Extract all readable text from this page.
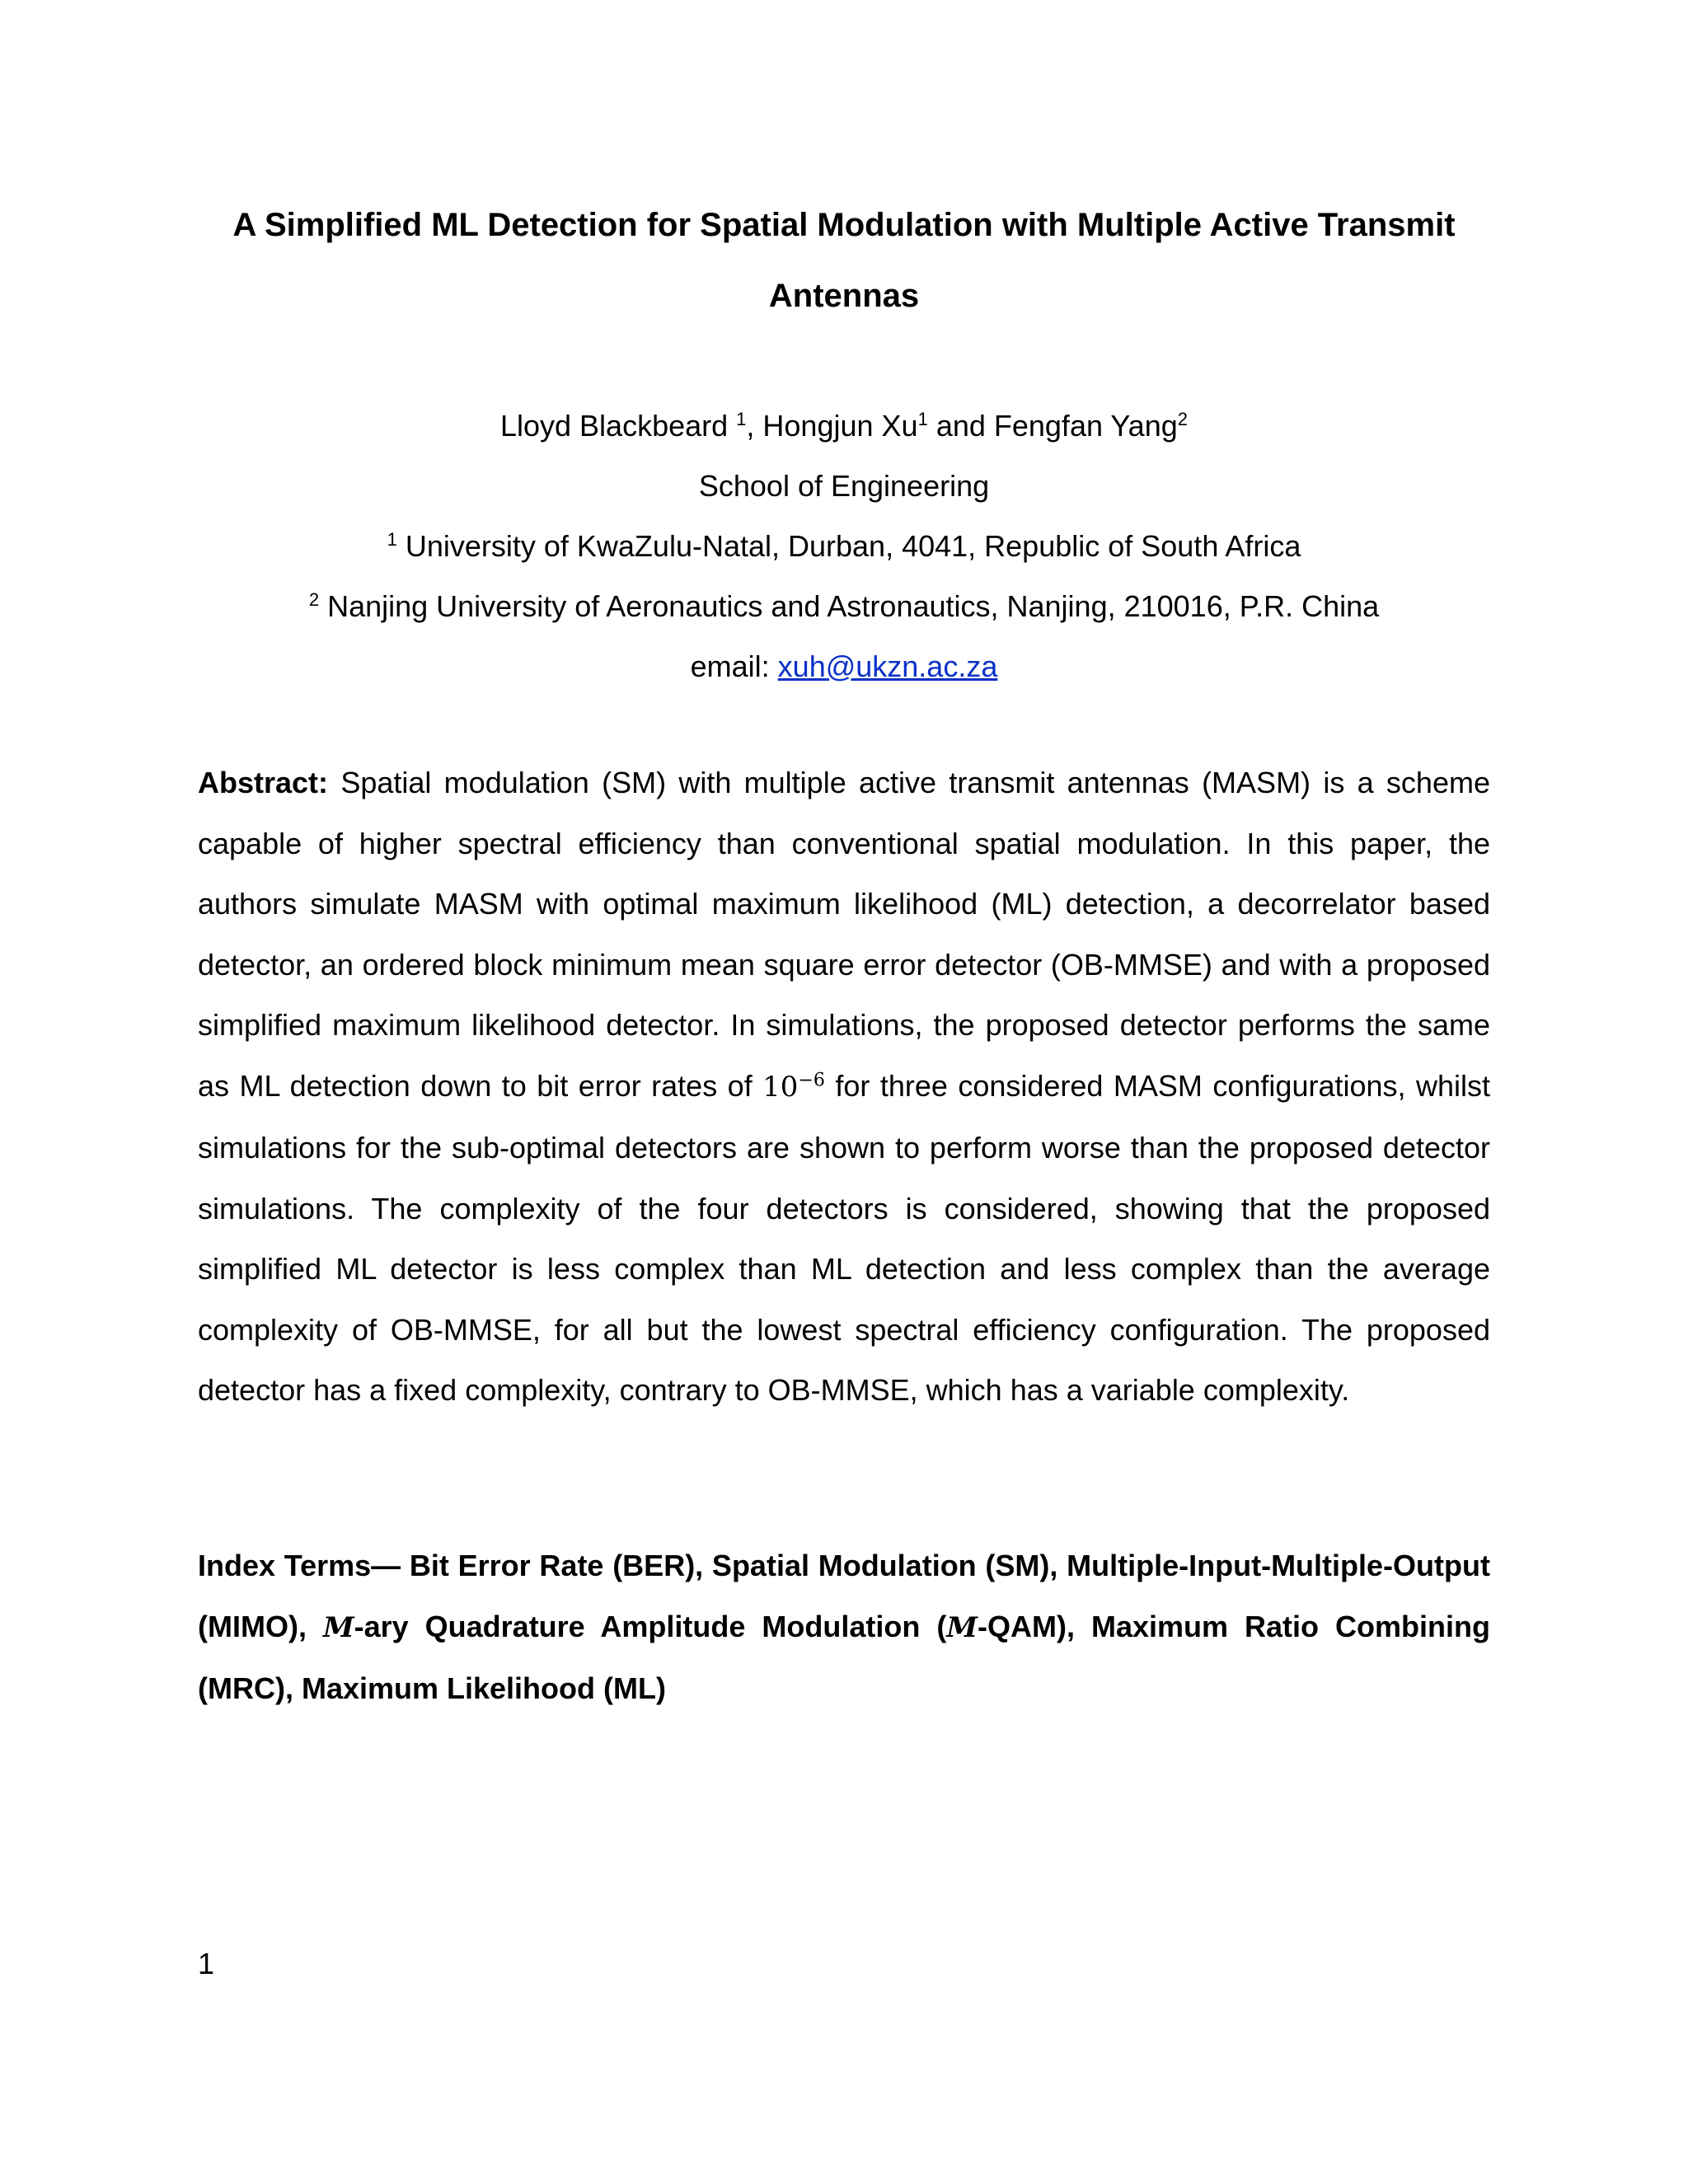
A Simplified ML Detection for Spatial Modulation with Multiple Active Transmit Antennas
Lloyd Blackbeard $^1$, Hongjun Xu$^1$ and Fengfan Yang$^2$
School of Engineering
$^1$ University of KwaZulu-Natal, Durban, 4041, Republic of South Africa
$^2$ Nanjing University of Aeronautics and Astronautics, Nanjing, 210016, P.R. China
email: xuh@ukzn.ac.za

Abstract: Spatial modulation (SM) with multiple active transmit antennas (MASM) is a scheme capable of higher spectral efficiency than conventional spatial modulation. In this paper, the authors simulate MASM with optimal maximum likelihood (ML) detection, a decorrelator based detector, an ordered block minimum mean square error detector (OB-MMSE) and with a proposed simplified maximum likelihood detector. In simulations, the proposed detector performs the same as ML detection down to bit error rates of $10^{-6}$ for three considered MASM configurations, whilst simulations for the sub-optimal detectors are shown to perform worse than the proposed detector simulations. The complexity of the four detectors is considered, showing that the proposed simplified ML detector is less complex than ML detection and less complex than the average complexity of OB-MMSE, for all but the lowest spectral efficiency configuration. The proposed detector has a fixed complexity, contrary to OB-MMSE, which has a variable complexity.

Index Terms— Bit Error Rate (BER), Spatial Modulation (SM), Multiple-Input-Multiple-Output (MIMO), M-ary Quadrature Amplitude Modulation (M-QAM), Maximum Ratio Combining (MRC), Maximum Likelihood (ML)

1
